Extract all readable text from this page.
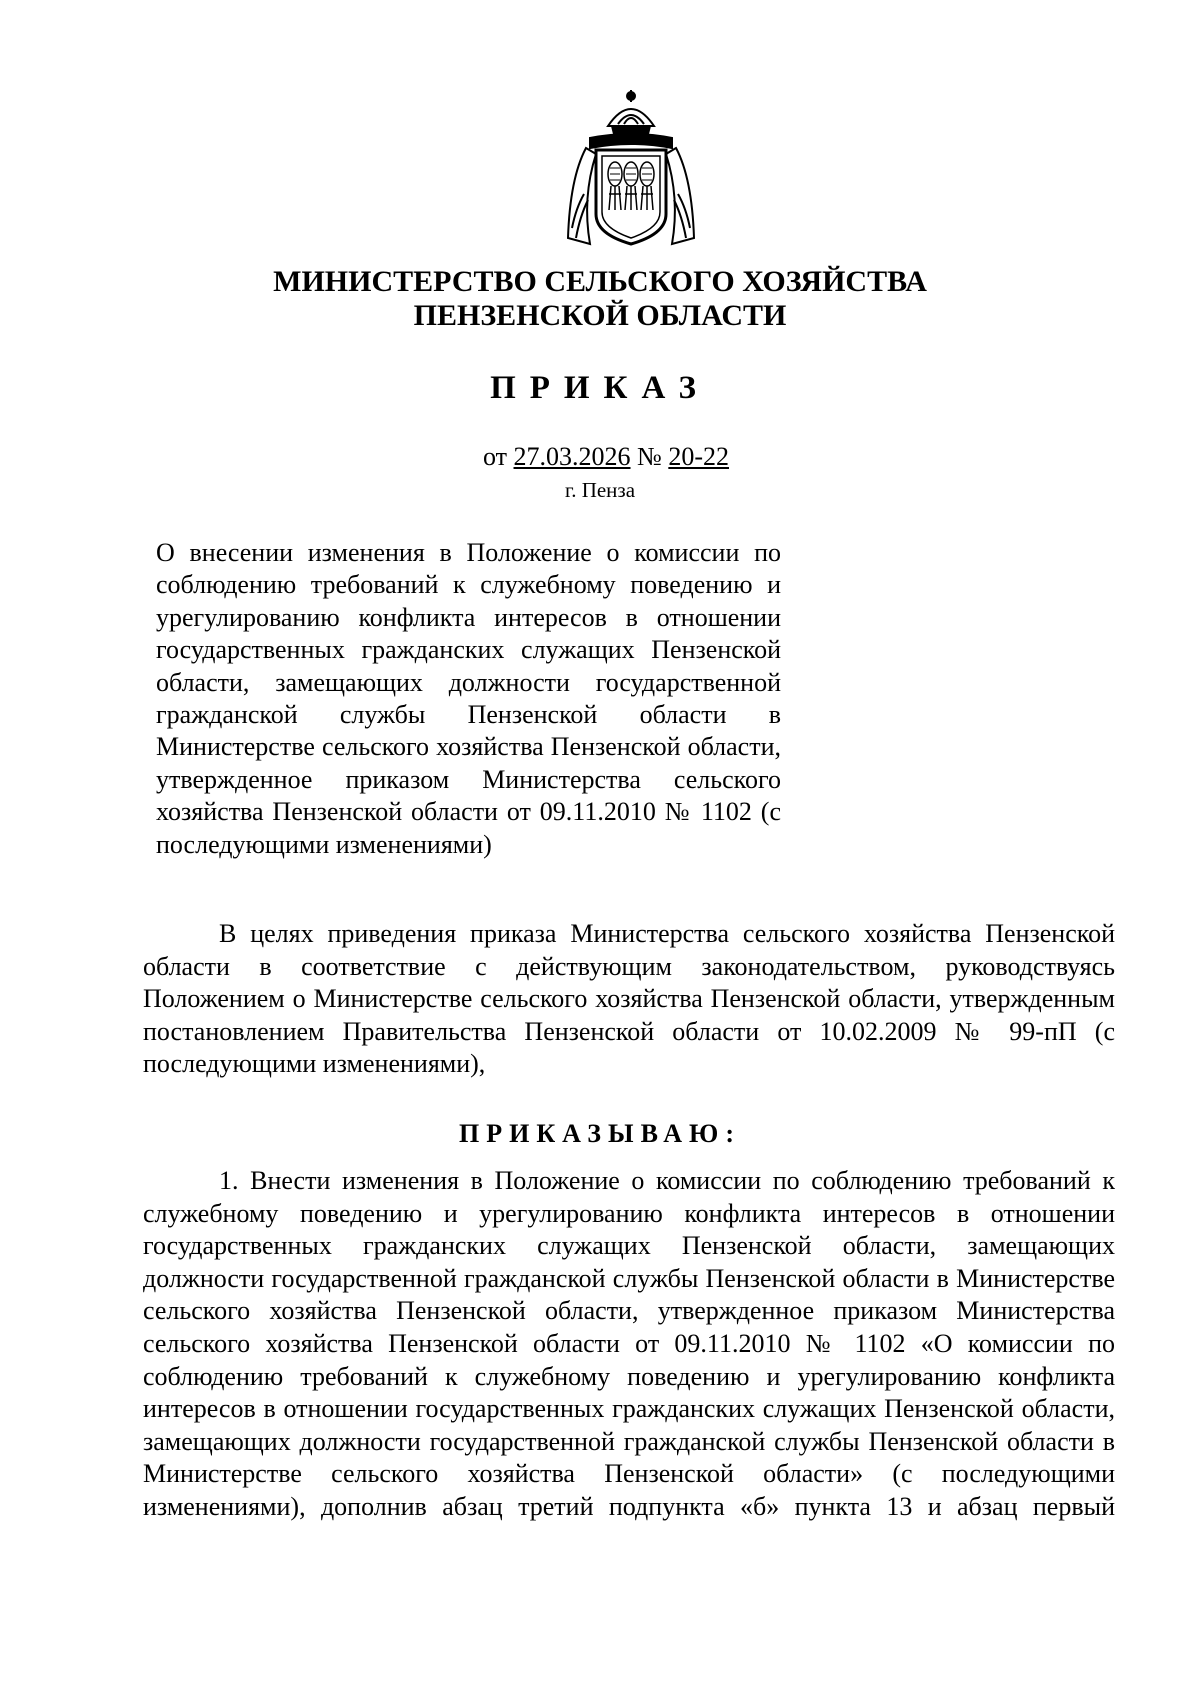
МИНИСТЕРСТВО СЕЛЬСКОГО ХОЗЯЙСТВА
ПЕНЗЕНСКОЙ ОБЛАСТИ
ПРИКАЗ
от 27.03.2026 № 20-22
г. Пенза
О внесении изменения в Положение о комиссии по соблюдению требований к служебному поведению и урегулированию конфликта интересов в отношении государственных гражданских служащих Пензенской области, замещающих должности государственной гражданской службы Пензенской области в Министерстве сельского хозяйства Пензенской области, утвержденное приказом Министерства сельского хозяйства Пензенской области от 09.11.2010 № 1102 (с последующими изменениями)
В целях приведения приказа Министерства сельского хозяйства Пензенской области в соответствие с действующим законодательством, руководствуясь Положением о Министерстве сельского хозяйства Пензенской области, утвержденным постановлением Правительства Пензенской области от 10.02.2009 № 99-пП (с последующими изменениями),
ПРИКАЗЫВАЮ:
1. Внести изменения в Положение о комиссии по соблюдению требований к служебному поведению и урегулированию конфликта интересов в отношении государственных гражданских служащих Пензенской области, замещающих должности государственной гражданской службы Пензенской области в Министерстве сельского хозяйства Пензенской области, утвержденное приказом Министерства сельского хозяйства Пензенской области от 09.11.2010 № 1102 «О комиссии по соблюдению требований к служебному поведению и урегулированию конфликта интересов в отношении государственных гражданских служащих Пензенской области, замещающих должности государственной гражданской службы Пензенской области в Министерстве сельского хозяйства Пензенской области» (с последующими изменениями), дополнив абзац третий подпункта «б» пункта 13 и абзац первый
